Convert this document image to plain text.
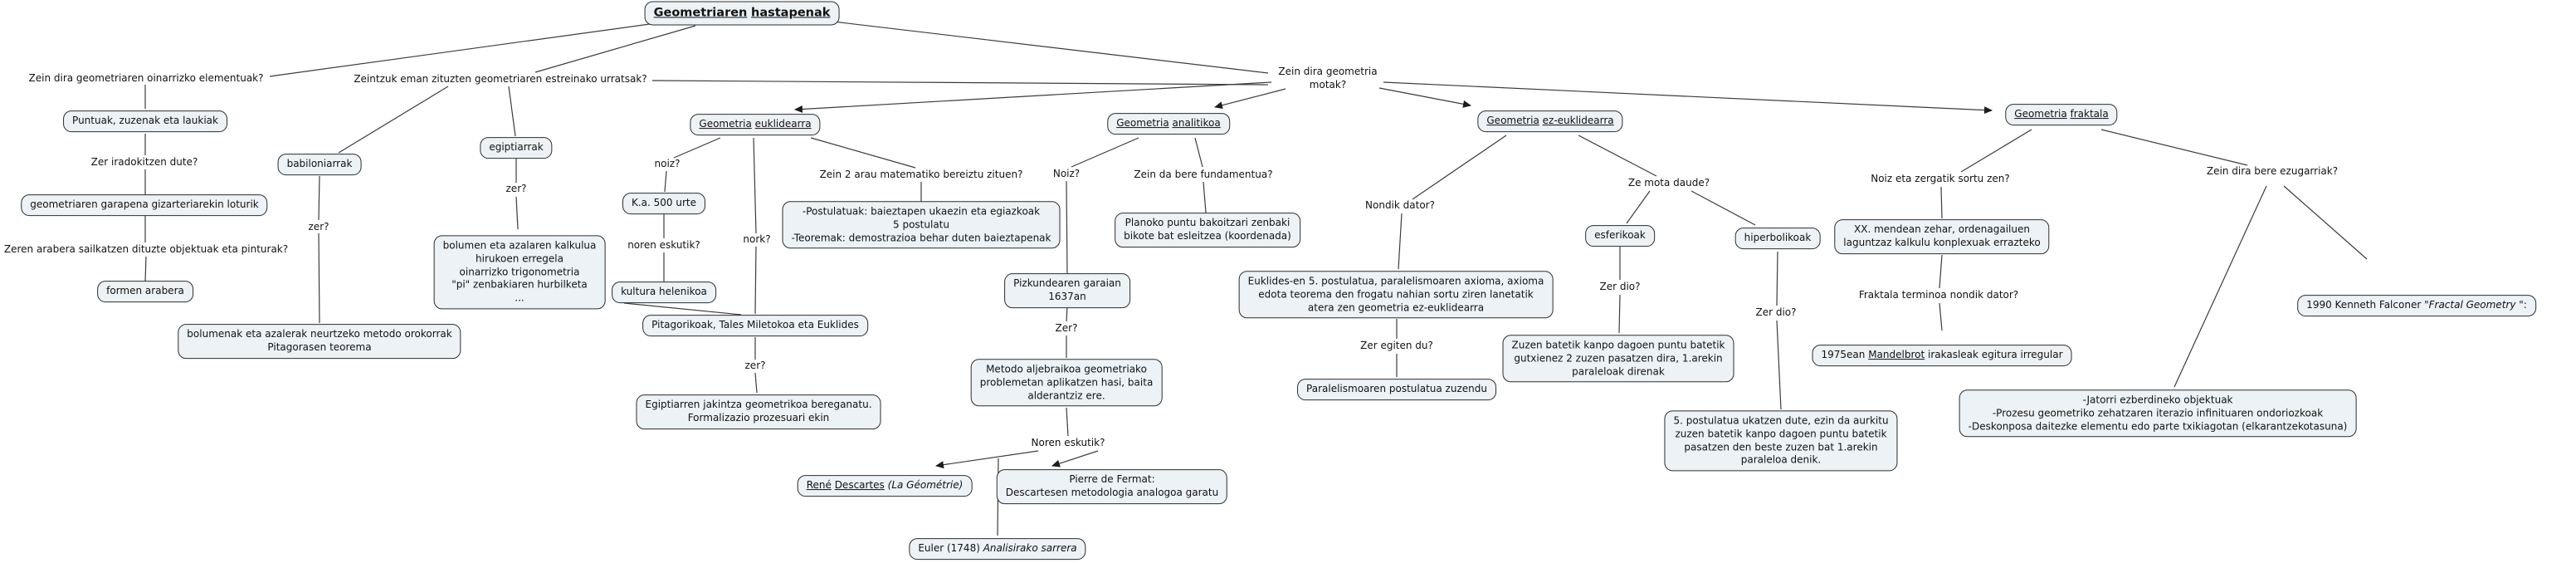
Geometriaren hastapenak
Zein dira geometriaren oinarrizko elementuak?
Puntuak, zuzenak eta laukiak
Zer iradokitzen dute?
geometriaren garapena gizarteriarekin loturik
Zeren arabera sailkatzen dituzte objektuak eta pinturak?
formen arabera
Zeintzuk eman zituzten geometriaren estreinako urratsak?
babiloniarrak
zer?
bolumenak eta azalerak neurtzeko metodo orokorrak
Pitagorasen teorema
egiptiarrak
zer?
bolumen eta azalaren kalkulua
hirukoen erregela
oinarrizko trigonometria
"pi" zenbakiaren hurbilketa
...
Zein dira geometria
motak?
Geometria euklidearra
noiz?
K.a. 500 urte
noren eskutik?
kultura helenikoa
nork?
Pitagorikoak, Tales Miletokoa eta Euklides
zer?
Egiptiarren jakintza geometrikoa bereganatu.
Formalizazio prozesuari ekin
Zein 2 arau matematiko bereiztu zituen?
-Postulatuak: baieztapen ukaezin eta egiazkoak
5 postulatu
-Teoremak: demostrazioa behar duten baieztapenak
Geometria analitikoa
Noiz?	Zein da bere fundamentua?
Planoko puntu bakoitzari zenbaki
bikote bat esleitzea (koordenada)
Pizkundearen garaian
1637an
Zer?
Metodo aljebraikoa geometriako
problemetan aplikatzen hasi, baita
alderantziz ere.
Noren eskutik?
René Descartes (La Géométrie)	Pierre de Fermat:
Descartesen metodologia analogoa garatu
Euler (1748) Analisirako sarrera
Geometria ez-euklidearra
Nondik dator?
Euklides-en 5. postulatua, paralelismoaren axioma, axioma
edota teorema den frogatu nahian sortu ziren lanetatik
atera zen geometria ez-euklidearra
Zer egiten du?
Paralelismoaren postulatua zuzendu
Ze mota daude?
esferikoak
Zer dio?
Zuzen batetik kanpo dagoen puntu batetik
gutxienez 2 zuzen pasatzen dira, 1.arekin
paraleloak direnak
hiperbolikoak
Zer dio?
5. postulatua ukatzen dute, ezin da aurkitu
zuzen batetik kanpo dagoen puntu batetik
pasatzen den beste zuzen bat 1.arekin
paraleloa denik.
Geometria fraktala
Noiz eta zergatik sortu zen?
XX. mendean zehar, ordenagailuen
laguntzaz kalkulu konplexuak errazteko
Fraktala terminoa nondik dator?
1975ean Mandelbrot irakasleak egitura irregular
Zein dira bere ezugarriak?
1990 Kenneth Falconer "Fractal Geometry ":
-Jatorri ezberdineko objektuak
-Prozesu geometriko zehatzaren iterazio infinituaren ondoriozkoak
-Deskonposa daitezke elementu edo parte txikiagotan (elkarantzekotasuna)
